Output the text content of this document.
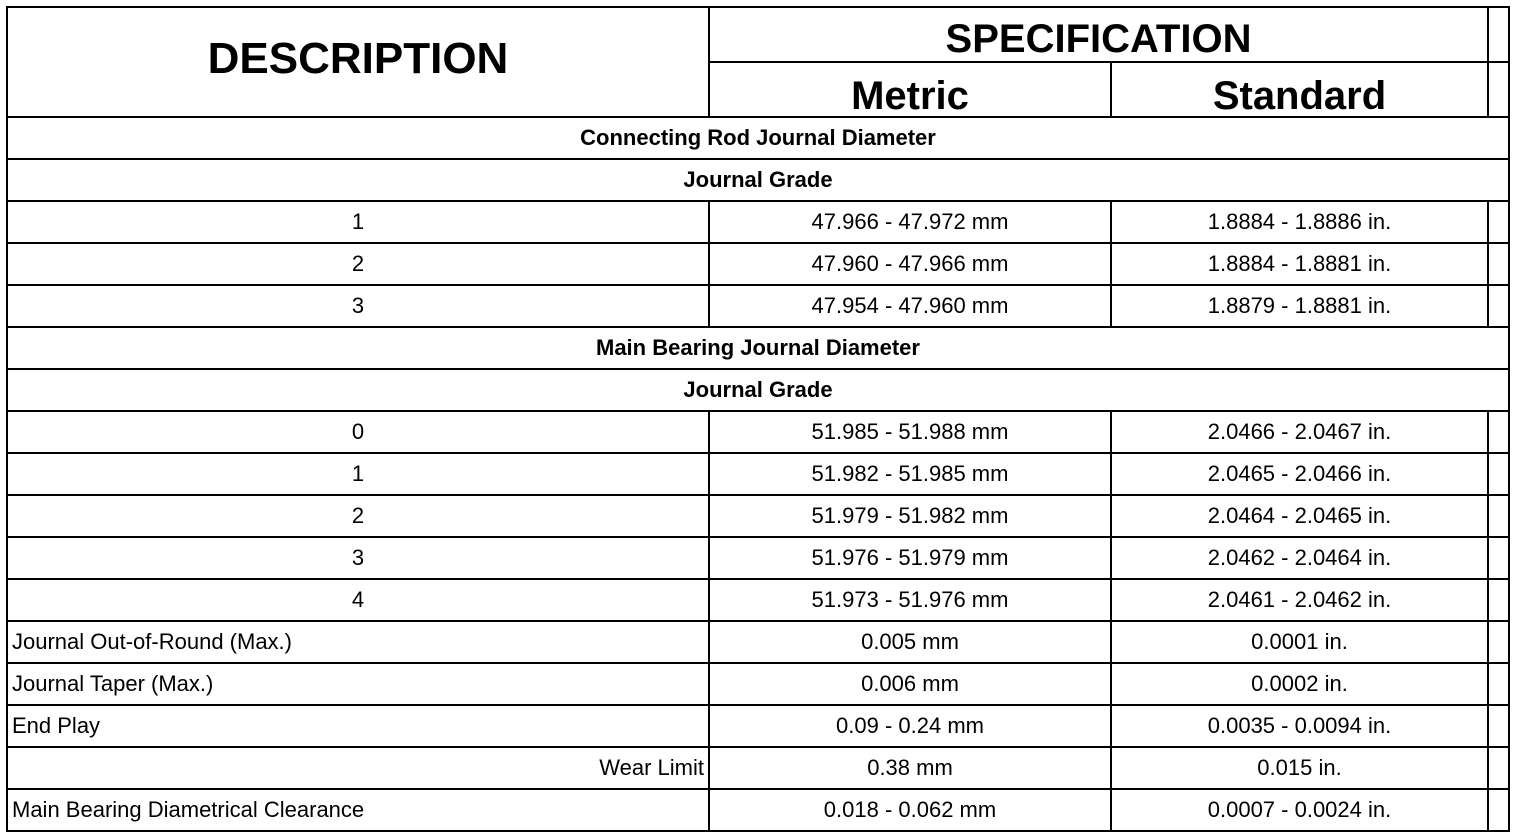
DESCRIPTION	SPECIFICATION		
	Metric	Standard	
Connecting Rod Journal Diameter			
Journal Grade			
1	47.966 - 47.972 mm	1.8884 - 1.8886 in.	
2	47.960 - 47.966 mm	1.8884 - 1.8881 in.	
3	47.954 - 47.960 mm	1.8879 - 1.8881 in.	
Main Bearing Journal Diameter			
Journal Grade			
0	51.985 - 51.988 mm	2.0466 - 2.0467 in.	
1	51.982 - 51.985 mm	2.0465 - 2.0466 in.	
2	51.979 - 51.982 mm	2.0464 - 2.0465 in.	
3	51.976 - 51.979 mm	2.0462 - 2.0464 in.	
4	51.973 - 51.976 mm	2.0461 - 2.0462 in.	
Journal Out-of-Round (Max.)	0.005 mm	0.0001 in.	
Journal Taper (Max.)	0.006 mm	0.0002 in.	
End Play	0.09 - 0.24 mm	0.0035 - 0.0094 in.	
Wear Limit	0.38 mm	0.015 in.	
Main Bearing Diametrical Clearance	0.018 - 0.062 mm	0.0007 - 0.0024 in.	
